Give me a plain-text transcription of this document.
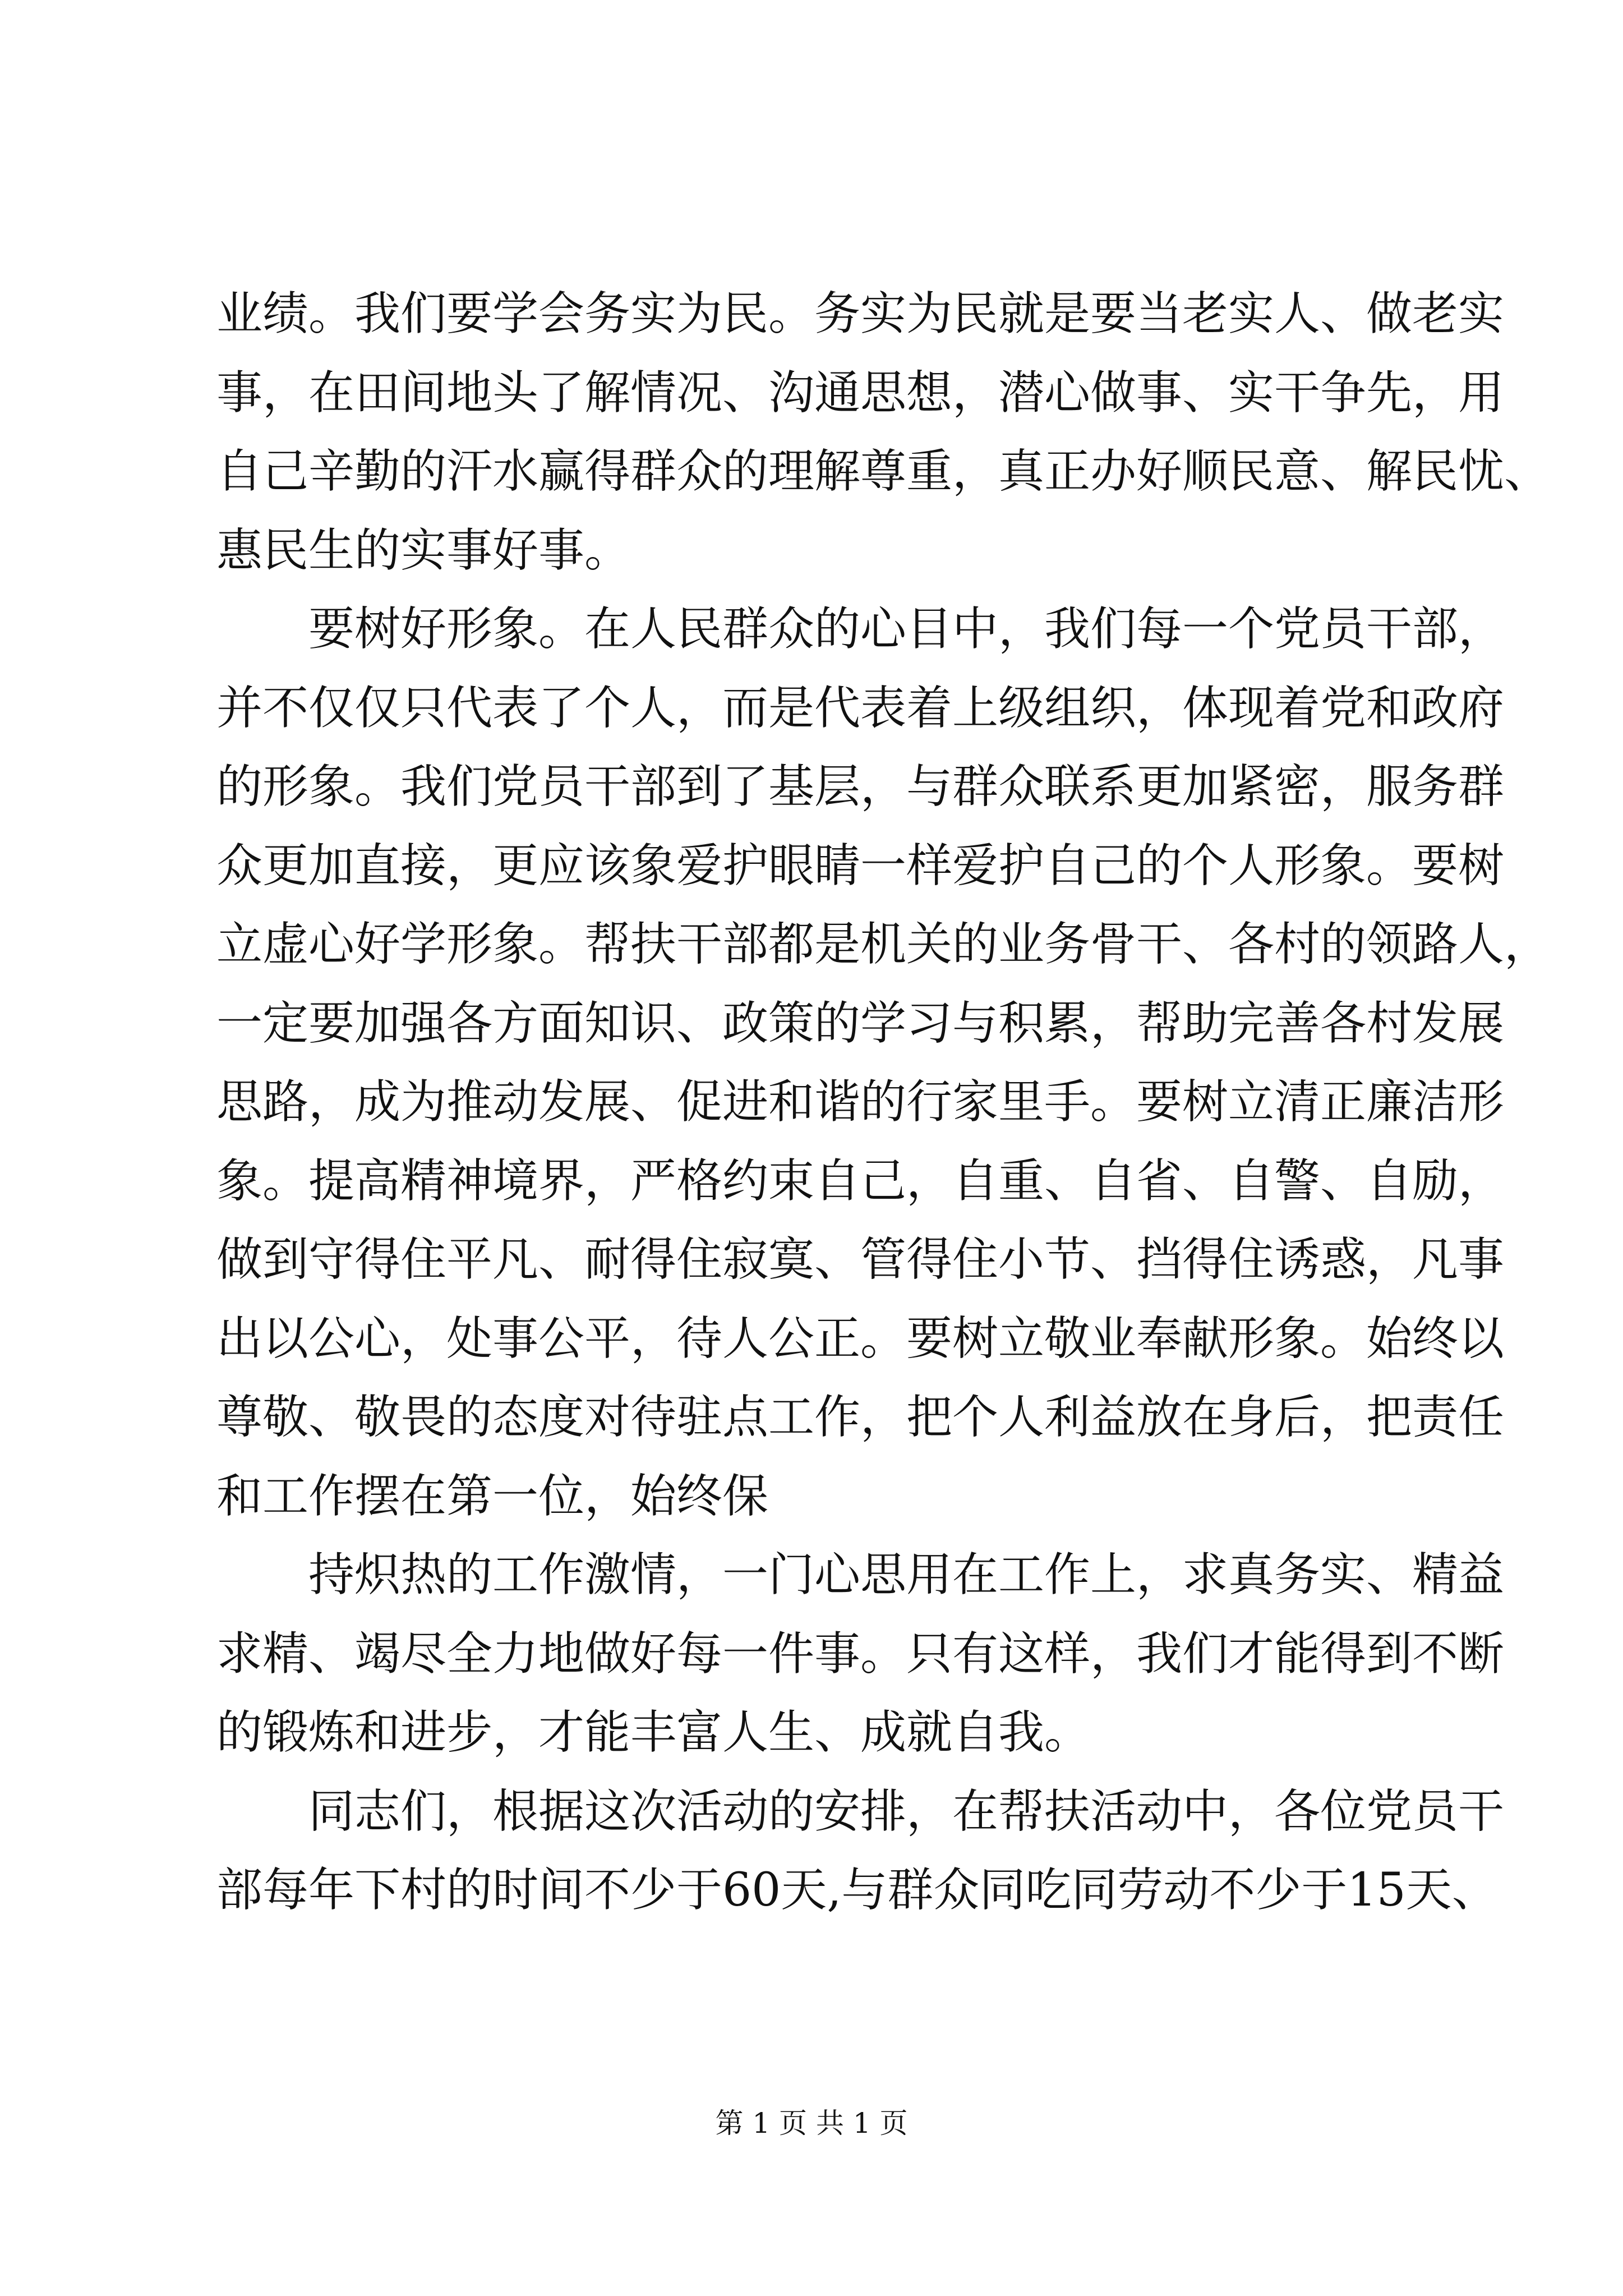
业绩。我们要学会务实为民。务实为民就是要当老实人、做老实
事，在田间地头了解情况、沟通思想，潜心做事、实干争先，用
自己辛勤的汗水赢得群众的理解尊重，真正办好顺民意、解民忧、
惠民生的实事好事。
要树好形象。在人民群众的心目中，我们每一个党员干部，
并不仅仅只代表了个人，而是代表着上级组织，体现着党和政府
的形象。我们党员干部到了基层，与群众联系更加紧密，服务群
众更加直接，更应该象爱护眼睛一样爱护自己的个人形象。要树
立虚心好学形象。帮扶干部都是机关的业务骨干、各村的领路人，
一定要加强各方面知识、政策的学习与积累，帮助完善各村发展
思路，成为推动发展、促进和谐的行家里手。要树立清正廉洁形
象。提高精神境界，严格约束自己，自重、自省、自警、自励，
做到守得住平凡、耐得住寂寞、管得住小节、挡得住诱惑，凡事
出以公心，处事公平，待人公正。要树立敬业奉献形象。始终以
尊敬、敬畏的态度对待驻点工作，把个人利益放在身后，把责任
和工作摆在第一位，始终保
持炽热的工作激情，一门心思用在工作上，求真务实、精益
求精、竭尽全力地做好每一件事。只有这样，我们才能得到不断
的锻炼和进步，才能丰富人生、成就自我。
同志们，根据这次活动的安排，在帮扶活动中，各位党员干
部每年下村的时间不少于60天,与群众同吃同劳动不少于15天、
第 1 页 共 1 页
